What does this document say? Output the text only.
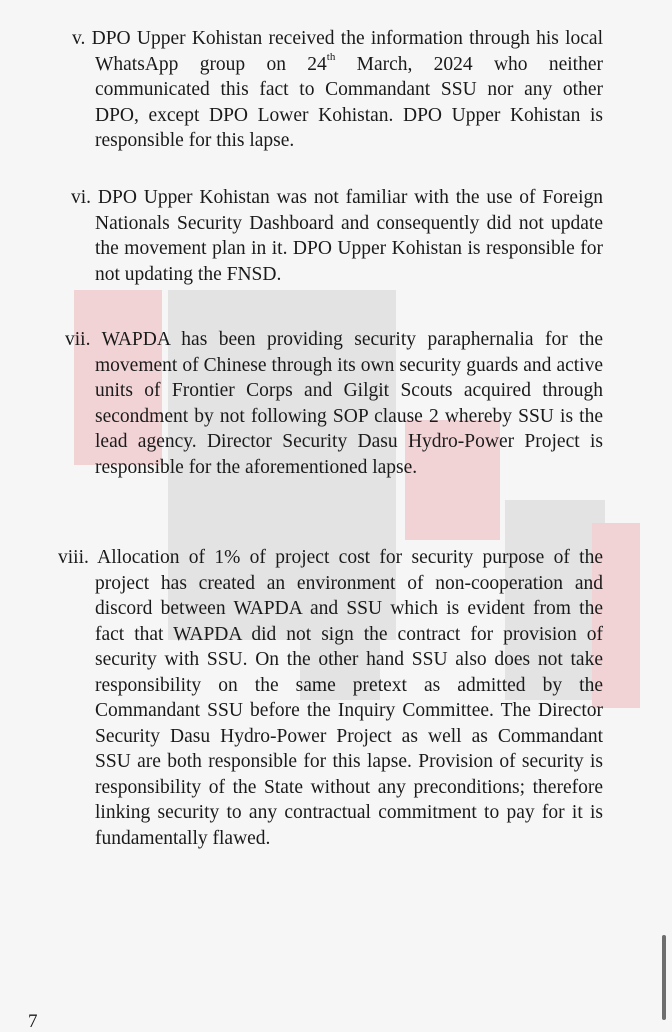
v. DPO Upper Kohistan received the information through his local WhatsApp group on 24th March, 2024 who neither communicated this fact to Commandant SSU nor any other DPO, except DPO Lower Kohistan. DPO Upper Kohistan is responsible for this lapse.
vi. DPO Upper Kohistan was not familiar with the use of Foreign Nationals Security Dashboard and consequently did not update the movement plan in it. DPO Upper Kohistan is responsible for not updating the FNSD.
vii. WAPDA has been providing security paraphernalia for the movement of Chinese through its own security guards and active units of Frontier Corps and Gilgit Scouts acquired through secondment by not following SOP clause 2 whereby SSU is the lead agency. Director Security Dasu Hydro-Power Project is responsible for the aforementioned lapse.
viii. Allocation of 1% of project cost for security purpose of the project has created an environment of non-cooperation and discord between WAPDA and SSU which is evident from the fact that WAPDA did not sign the contract for provision of security with SSU. On the other hand SSU also does not take responsibility on the same pretext as admitted by the Commandant SSU before the Inquiry Committee. The Director Security Dasu Hydro-Power Project as well as Commandant SSU are both responsible for this lapse. Provision of security is responsibility of the State without any preconditions; therefore linking security to any contractual commitment to pay for it is fundamentally flawed.
7
